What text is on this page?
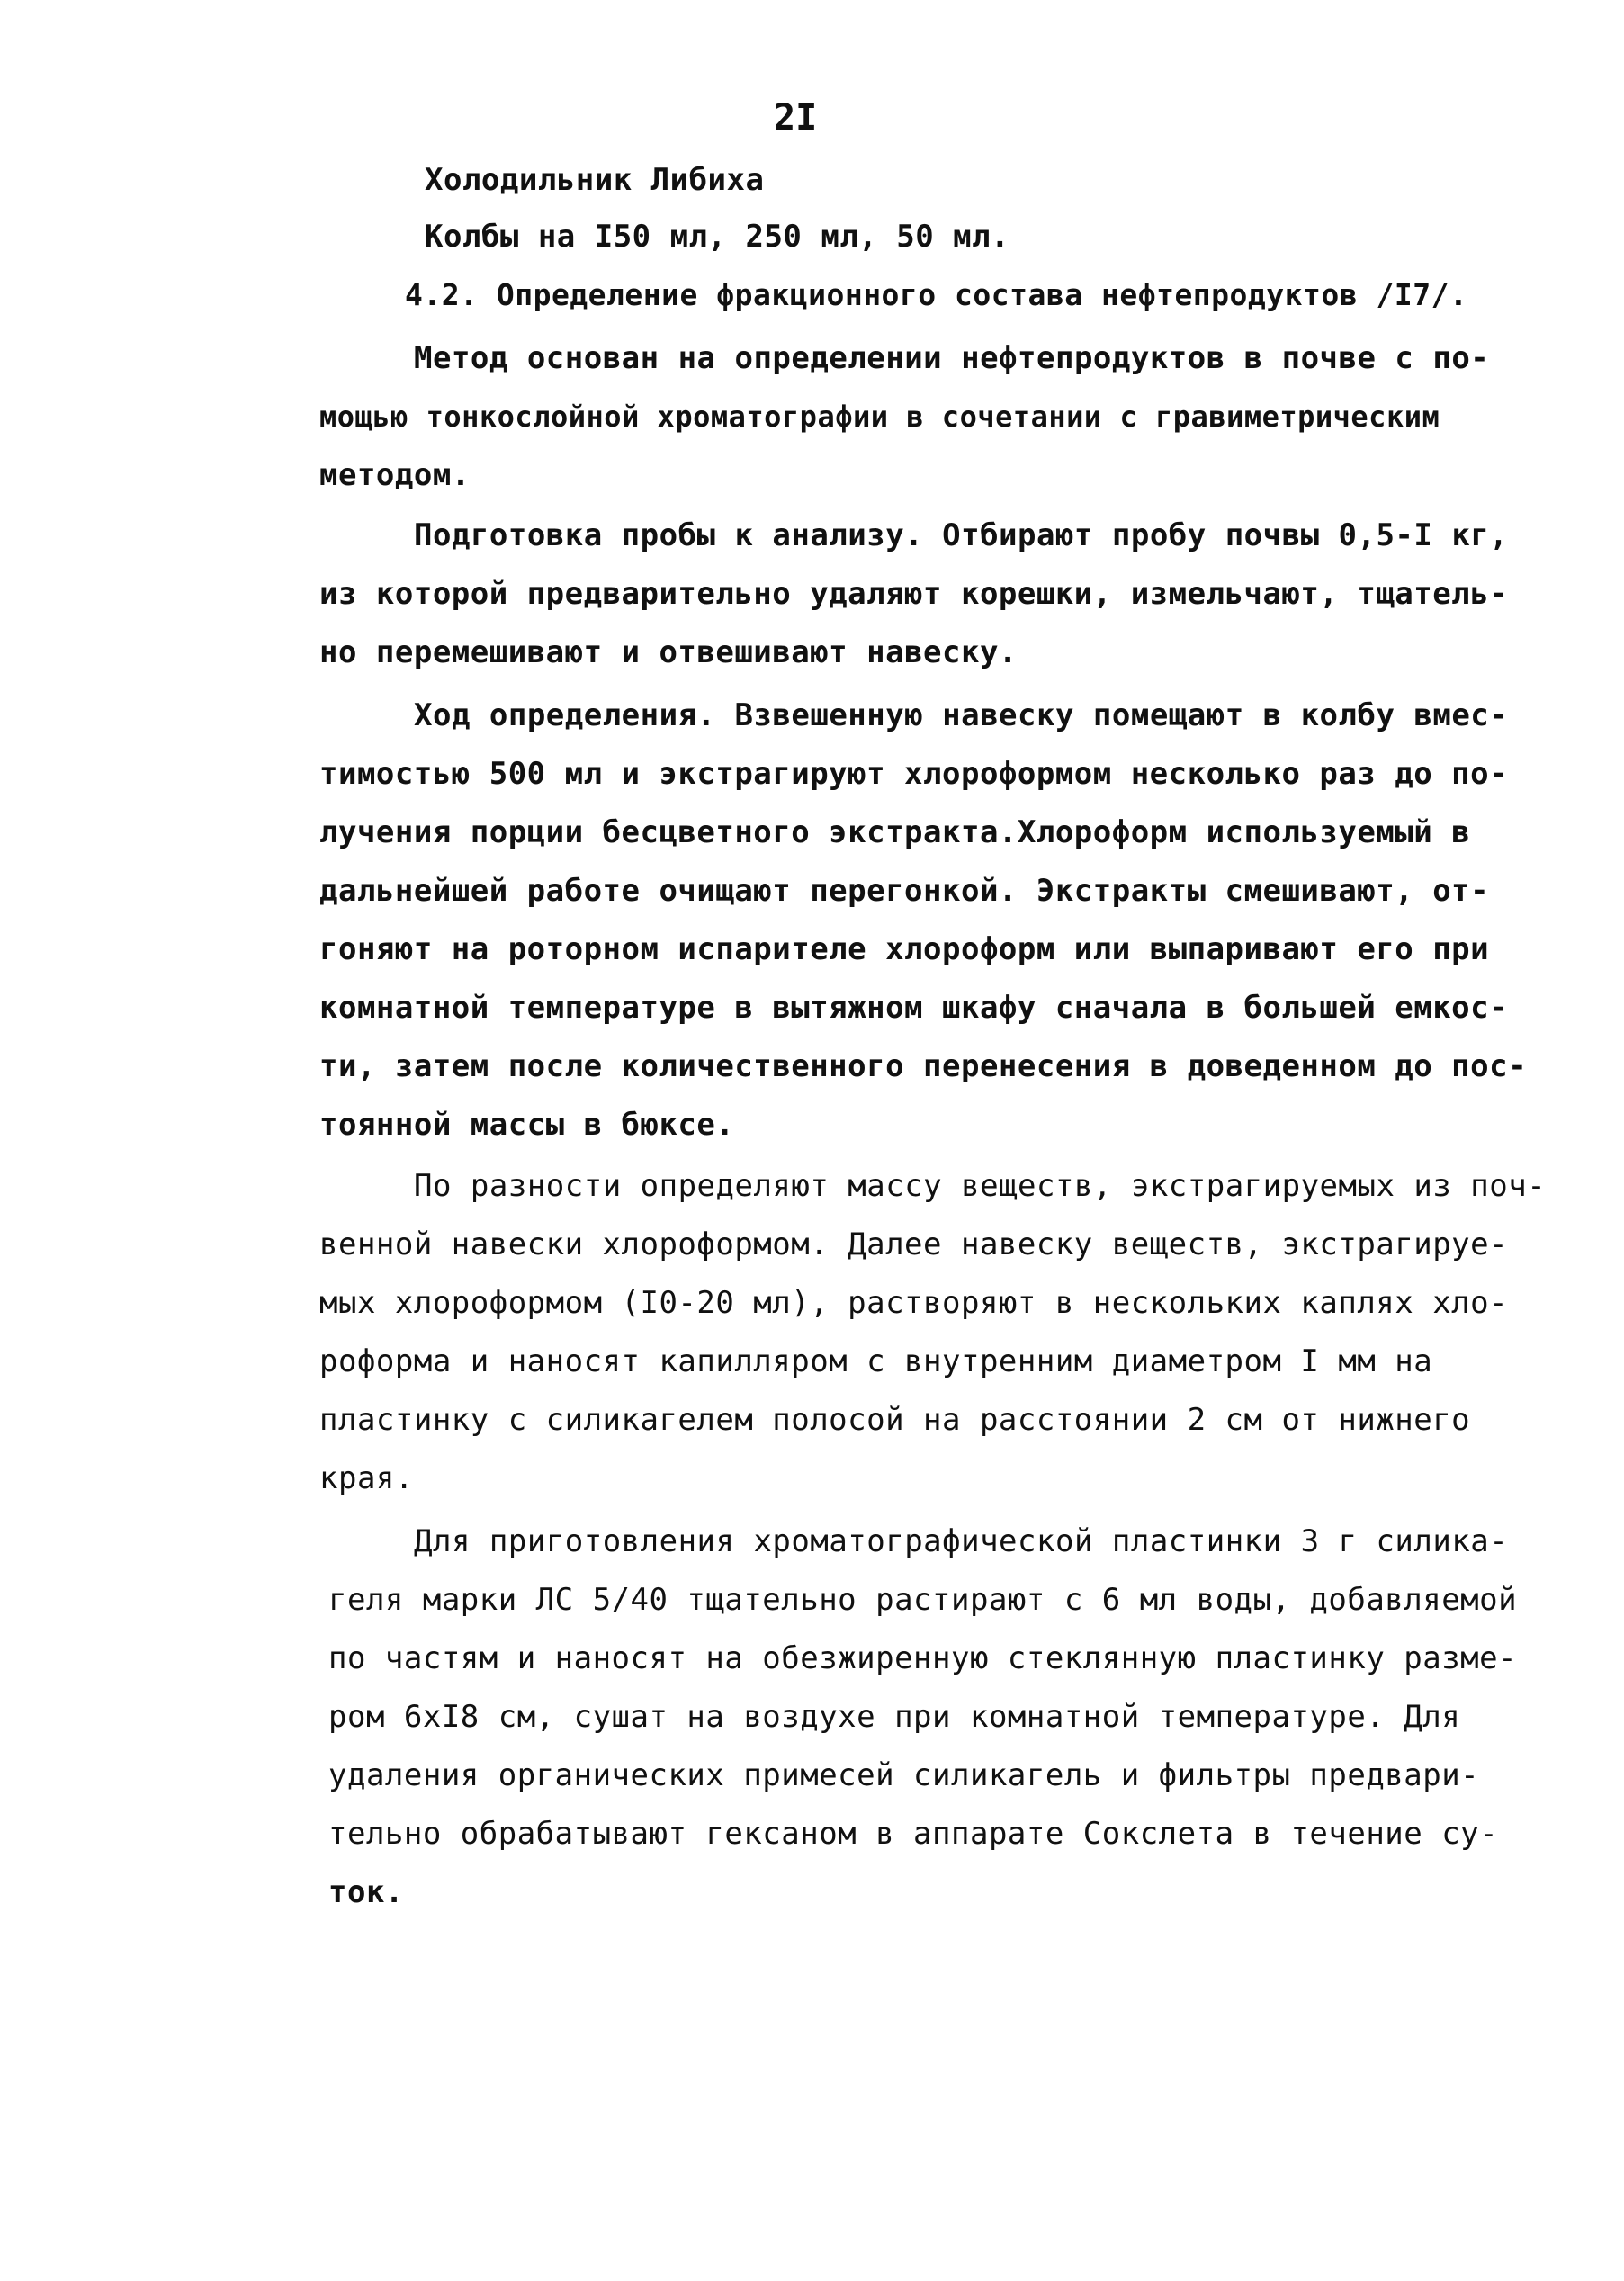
2I
Холодильник Либиха
Колбы на I50 мл, 250 мл, 50 мл.
4.2. Определение фракционного состава нефтепродуктов /I7/.
Метод основан на определении нефтепродуктов в почве с по-
мощью тонкослойной хроматографии в сочетании с гравиметрическим
методом.
Подготовка пробы к анализу. Отбирают пробу почвы 0,5-I кг,
из которой предварительно удаляют корешки, измельчают, тщатель-
но перемешивают и отвешивают навеску.
Ход определения. Взвешенную навеску помещают в колбу вмес-
тимостью 500 мл и экстрагируют хлороформом несколько раз до по-
лучения порции бесцветного экстракта.Хлороформ используемый в
дальнейшей работе очищают перегонкой. Экстракты смешивают, от-
гоняют на роторном испарителе хлороформ или выпаривают его при
комнатной температуре в вытяжном шкафу сначала в большей емкос-
ти, затем после количественного перенесения в доведенном до пос-
тоянной массы в бюксе.
По разности определяют массу веществ, экстрагируемых из поч-
венной навески хлороформом. Далее навеску веществ, экстрагируе-
мых хлороформом (I0-20 мл), растворяют в нескольких каплях хло-
роформа и наносят капилляром с внутренним диаметром I мм на
пластинку с силикагелем полосой на расстоянии 2 см от нижнего
края.
Для приготовления хроматографической пластинки 3 г силика-
геля марки ЛС 5/40 тщательно растирают с 6 мл воды, добавляемой
по частям и наносят на обезжиренную стеклянную пластинку разме-
ром 6xI8 см, сушат на воздухе при комнатной температуре. Для
удаления органических примесей силикагель и фильтры предвари-
тельно обрабатывают гексаном в аппарате Сокслета в течение су-
ток.
